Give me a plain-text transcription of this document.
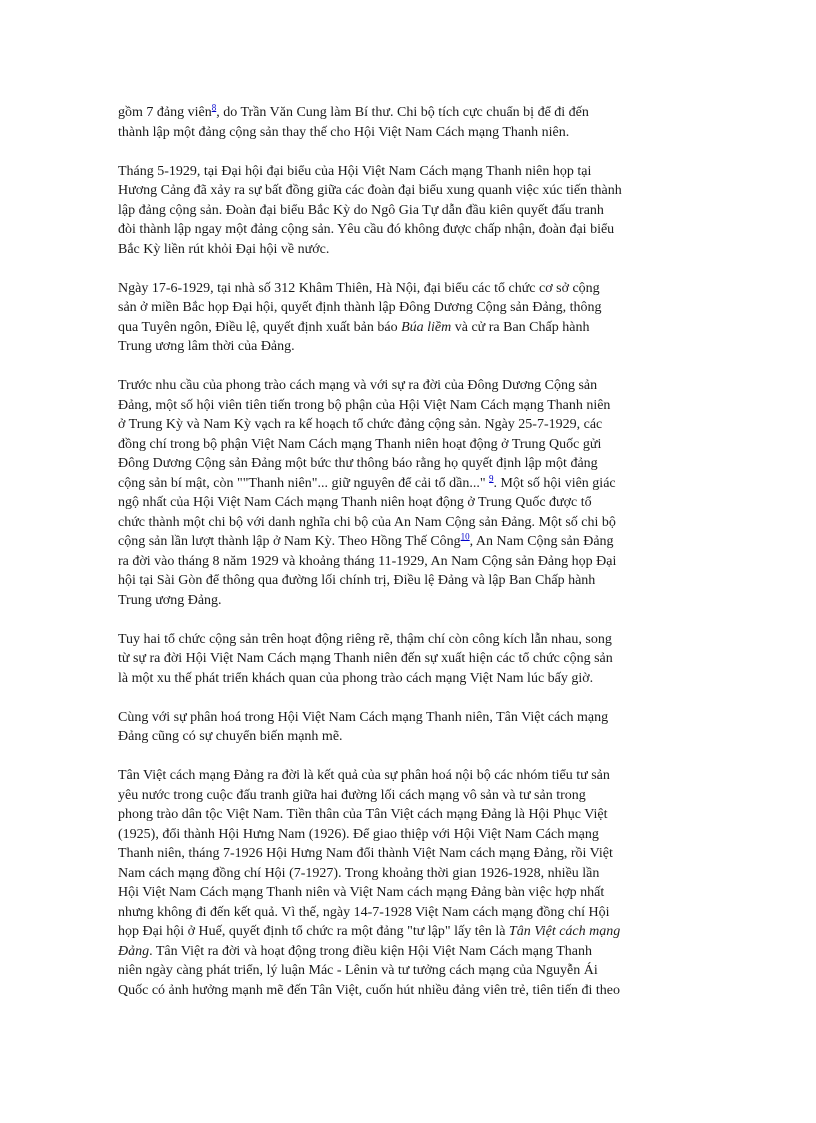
gồm 7 đảng viên$^8$, do Trần Văn Cung làm Bí thư. Chi bộ tích cực chuẩn bị để đi đến
thành lập một đảng cộng sản thay thế cho Hội Việt Nam Cách mạng Thanh niên.
Tháng 5-1929, tại Đại hội đại biểu của Hội Việt Nam Cách mạng Thanh niên họp tại
Hương Cảng đã xảy ra sự bất đồng giữa các đoàn đại biểu xung quanh việc xúc tiến thành
lập đảng cộng sản. Đoàn đại biểu Bắc Kỳ do Ngô Gia Tự dẫn đầu kiên quyết đấu tranh
đòi thành lập ngay một đảng cộng sản. Yêu cầu đó không được chấp nhận, đoàn đại biểu
Bắc Kỳ liền rút khỏi Đại hội về nước.
Ngày 17-6-1929, tại nhà số 312 Khâm Thiên, Hà Nội, đại biểu các tổ chức cơ sở cộng
sản ở miền Bắc họp Đại hội, quyết định thành lập Đông Dương Cộng sản Đảng, thông
qua Tuyên ngôn, Điều lệ, quyết định xuất bản báo Búa liềm và cử ra Ban Chấp hành
Trung ương lâm thời của Đảng.
Trước nhu cầu của phong trào cách mạng và với sự ra đời của Đông Dương Cộng sản
Đảng, một số hội viên tiên tiến trong bộ phận của Hội Việt Nam Cách mạng Thanh niên
ở Trung Kỳ và Nam Kỳ vạch ra kế hoạch tổ chức đảng cộng sản. Ngày 25-7-1929, các
đồng chí trong bộ phận Việt Nam Cách mạng Thanh niên hoạt động ở Trung Quốc gửi
Đông Dương Cộng sản Đảng một bức thư thông báo rằng họ quyết định lập một đảng
cộng sản bí mật, còn ""Thanh niên"... giữ nguyên để cải tổ dần..." $^9$. Một số hội viên giác
ngộ nhất của Hội Việt Nam Cách mạng Thanh niên hoạt động ở Trung Quốc được tổ
chức thành một chi bộ với danh nghĩa chi bộ của An Nam Cộng sản Đảng. Một số chi bộ
cộng sản lần lượt thành lập ở Nam Kỳ. Theo Hồng Thế Công$^{10}$, An Nam Cộng sản Đảng
ra đời vào tháng 8 năm 1929 và khoảng tháng 11-1929, An Nam Cộng sản Đảng họp Đại
hội tại Sài Gòn để thông qua đường lối chính trị, Điều lệ Đảng và lập Ban Chấp hành
Trung ương Đảng.
Tuy hai tổ chức cộng sản trên hoạt động riêng rẽ, thậm chí còn công kích lẫn nhau, song
từ sự ra đời Hội Việt Nam Cách mạng Thanh niên đến sự xuất hiện các tổ chức cộng sản
là một xu thế phát triển khách quan của phong trào cách mạng Việt Nam lúc bấy giờ.
Cùng với sự phân hoá trong Hội Việt Nam Cách mạng Thanh niên, Tân Việt cách mạng
Đảng cũng có sự chuyển biến mạnh mẽ.
Tân Việt cách mạng Đảng ra đời là kết quả của sự phân hoá nội bộ các nhóm tiểu tư sản
yêu nước trong cuộc đấu tranh giữa hai đường lối cách mạng vô sản và tư sản trong
phong trào dân tộc Việt Nam. Tiền thân của Tân Việt cách mạng Đảng là Hội Phục Việt
(1925), đổi thành Hội Hưng Nam (1926). Để giao thiệp với Hội Việt Nam Cách mạng
Thanh niên, tháng 7-1926 Hội Hưng Nam đổi thành Việt Nam cách mạng Đảng, rồi Việt
Nam cách mạng đồng chí Hội (7-1927). Trong khoảng thời gian 1926-1928, nhiều lần
Hội Việt Nam Cách mạng Thanh niên và Việt Nam cách mạng Đảng bàn việc hợp nhất
nhưng không đi đến kết quả. Vì thế, ngày 14-7-1928 Việt Nam cách mạng đồng chí Hội
họp Đại hội ở Huế, quyết định tổ chức ra một đảng "tư lập" lấy tên là Tân Việt cách mạng
Đảng. Tân Việt ra đời và hoạt động trong điều kiện Hội Việt Nam Cách mạng Thanh
niên ngày càng phát triển, lý luận Mác - Lênin và tư tưởng cách mạng của Nguyễn Ái
Quốc có ảnh hưởng mạnh mẽ đến Tân Việt, cuốn hút nhiều đảng viên trẻ, tiên tiến đi theo
